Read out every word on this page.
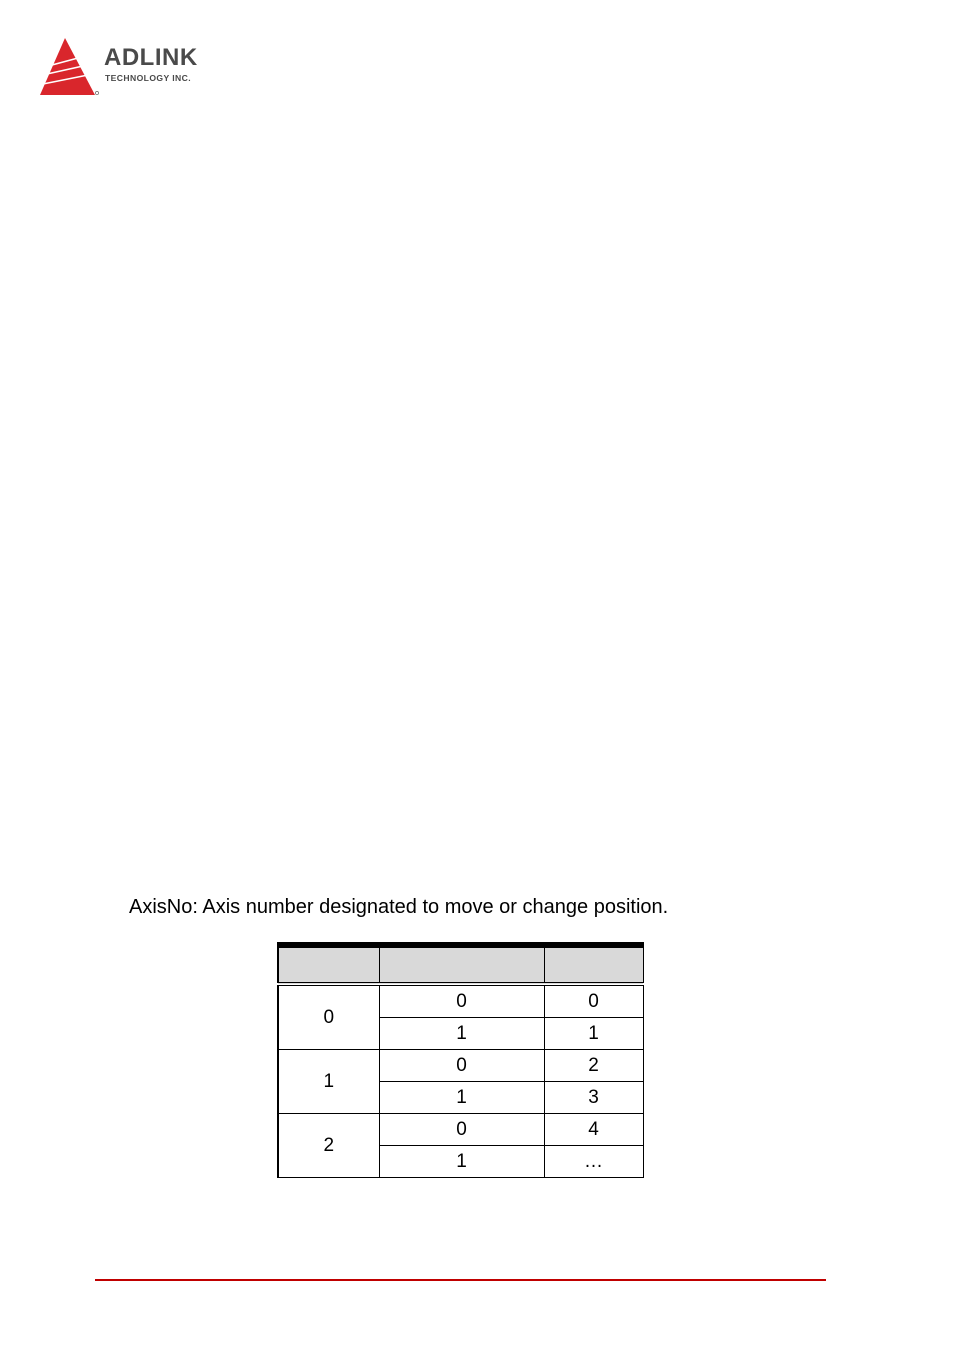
ADLINK
TECHNOLOGY INC.
AxisNo: Axis number designated to move or change position.

0	0	0
	1	1
1	0	2
	1	3
2	0	4
	1	…
